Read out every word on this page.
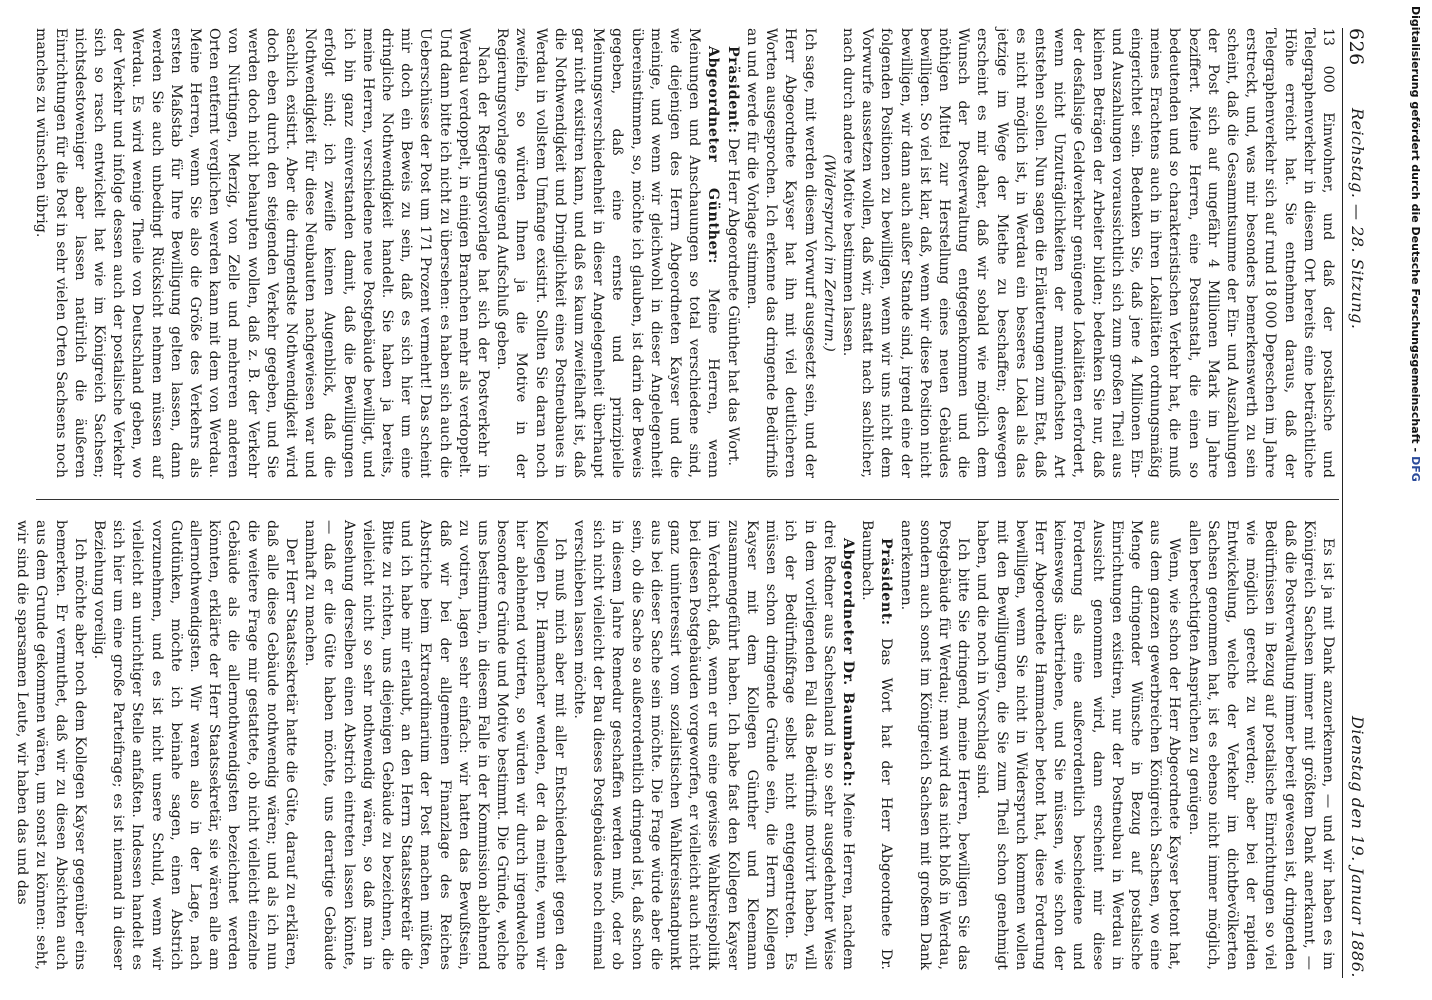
626
Reichstag. — 28. Sitzung.
Dienstag den 19. Januar 1886.

13 000 Einwohner, und daß der postalische und Telegraphenverkehr in diesem Ort bereits eine beträchtliche Höhe erreicht hat. Sie entnehmen daraus, daß der Telegraphenverkehr sich auf rund 18 000 Depeschen im Jahre erstreckt, und, was mir besonders bemerkenswerth zu sein scheint, daß die Gesammtsumme der Ein- und Auszahlungen der Post sich auf ungefähr 4 Millionen Mark im Jahre beziffert. Meine Herren, eine Postanstalt, die einen so bedeutenden und so charakteristischen Verkehr hat, die muß meines Erachtens auch in ihren Lokalitäten ordnungsmäßig eingerichtet sein. Bedenken Sie, daß jene 4 Millionen Ein- und Auszahlungen voraussichtlich sich zum großen Theil aus kleinen Beträgen der Arbeiter bilden; bedenken Sie nur, daß der desfallsige Geldverkehr genügende Lokalitäten erfordert, wenn nicht Unzuträglichkeiten der mannigfachsten Art entstehen sollen. Nun sagen die Erläuterungen zum Etat, daß es nicht möglich ist, in Werdau ein besseres Lokal als das jetzige im Wege der Miethe zu beschaffen; deswegen erscheint es mir daher, daß wir sobald wie möglich dem Wunsch der Postverwaltung entgegenkommen und die nöthigen Mittel zur Herstellung eines neuen Gebäudes bewilligen. So viel ist klar, daß, wenn wir diese Position nicht bewilligen, wir dann auch außer Stande sind, irgend eine der folgenden Positionen zu bewilligen, wenn wir uns nicht dem Vorwurfe aussetzen wollen, daß wir, anstatt nach sachlicher, nach durch andere Motive bestimmen lassen.

(Widerspruch im Zentrum.)

Ich sage, mit werden diesem Vorwurf ausgesetzt sein, und der Herr Abgeordnete Kayser hat ihn mit viel deutlicheren Worten ausgesprochen. Ich erkenne das dringende Bedürfniß an und werde für die Vorlage stimmen.

Präsident: Der Herr Abgeordnete Günther hat das Wort.

Abgeordneter Günther: Meine Herren, wenn Meinungen und Anschauungen so total verschiedene sind, wie diejenigen des Herrn Abgeordneten Kayser und die meinige, und wenn wir gleichwohl in dieser Angelegenheit übereinstimmen, so, möchte ich glauben, ist darin der Beweis gegeben, daß eine ernste und prinzipielle Meinungsverschiedenheit in dieser Angelegenheit überhaupt gar nicht existiren kann, und daß es kaum zweifelhaft ist, daß die Nothwendigkeit und Dringlichkeit eines Postneubaues in Werdau in vollstem Umfange existirt. Sollten Sie daran noch zweifeln, so würden Ihnen ja die Motive in der Regierungsvorlage genügend Aufschluß geben.

Nach der Regierungsvorlage hat sich der Postverkehr in Werdau verdoppelt, in einigen Branchen mehr als verdoppelt. Und dann bitte ich nicht zu übersehen: es haben sich auch die Ueberschüsse der Post um 171 Prozent vermehrt! Das scheint mir doch ein Beweis zu sein, daß es sich hier um eine dringliche Nothwendigkeit handelt. Sie haben ja bereits, meine Herren, verschiedene neue Postgebäude bewilligt, und ich bin ganz einverstanden damit, daß die Bewilligungen erfolgt sind; ich zweifle keinen Augenblick, daß die Nothwendigkeit für diese Neubauten nachgewiesen war und sachlich existirt. Aber die dringendste Nothwendigkeit wird doch eben durch den steigenden Verkehr gegeben, und Sie werden doch nicht behaupten wollen, daß z. B. der Verkehr von Nürtingen, Merzig, von Zelle und mehreren anderen Orten entfernt verglichen werden kann mit dem von Werdau. Meine Herren, wenn Sie also die Größe des Verkehrs als ersten Maßstab für Ihre Bewilligung gelten lassen, dann werden Sie auch unbedingt Rücksicht nehmen müssen auf Werdau. Es wird wenige Theile von Deutschland geben, wo der Verkehr und infolge dessen auch der postalische Verkehr sich so rasch entwickelt hat wie im Königreich Sachsen; nichtsdestoweniger aber lassen natürlich die äußeren Einrichtungen für die Post in sehr vielen Orten Sachsens noch manches zu wünschen übrig.

Es ist ja mit Dank anzuerkennen, — und wir haben es im Königreich Sachsen immer mit größtem Dank anerkannt, — daß die Postverwaltung immer bereit gewesen ist, dringenden Bedürfnissen in Bezug auf postalische Einrichtungen so viel wie möglich gerecht zu werden; aber bei der rapiden Entwickelung, welche der Verkehr im dichtbevölkerten Sachsen genommen hat, ist es ebenso nicht immer möglich, allen berechtigten Ansprüchen zu genügen.

Wenn, wie schon der Herr Abgeordnete Kayser betont hat, aus dem ganzen gewerbreichen Königreich Sachsen, wo eine Menge dringender Wünsche in Bezug auf postalische Einrichtungen existiren, nur der Postneubau in Werdau in Aussicht genommen wird, dann erscheint mir diese Forderung als eine außerordentlich bescheidene und keineswegs übertriebene, und Sie müssen, wie schon der Herr Abgeordnete Hammacher betont hat, diese Forderung bewilligen, wenn Sie nicht in Widerspruch kommen wollen mit den Bewilligungen, die Sie zum Theil schon genehmigt haben, und die noch in Vorschlag sind.

Ich bitte Sie dringend, meine Herren, bewilligen Sie das Postgebäude für Werdau; man wird das nicht bloß in Werdau, sondern auch sonst im Königreich Sachsen mit großem Dank anerkennen.

Präsident: Das Wort hat der Herr Abgeordnete Dr. Baumbach.

Abgeordneter Dr. Baumbach: Meine Herren, nachdem drei Redner aus Sachsenland in so sehr ausgedehnter Weise in dem vorliegenden Fall das Bedürfniß motivirt haben, will ich der Bedürfnißfrage selbst nicht entgegentreten. Es müssen schon dringende Gründe sein, die Herrn Kollegen Kayser mit dem Kollegen Günther und Kleemann zusammengeführt haben. Ich habe fast den Kollegen Kayser im Verdacht, daß, wenn er uns eine gewisse Wahlkreispolitik bei diesen Postgebäuden vorgeworfen, er vielleicht auch nicht ganz uninteressirt vom sozialistischen Wahlkreisstandpunkt aus bei dieser Sache sein möchte. Die Frage würde aber die sein, ob die Sache so außerordentlich dringend ist, daß schon in diesem Jahre Remedur geschaffen werden muß, oder ob sich nicht vielleicht der Bau dieses Postgebäudes noch einmal verschieben lassen möchte.

Ich muß mich aber mit aller Entschiedenheit gegen den Kollegen Dr. Hammacher wenden, der da meinte, wenn wir hier ablehnend votirten, so würden wir durch irgendwelche besondere Gründe und Motive bestimmt. Die Gründe, welche uns bestimmen, in diesem Falle in der Kommission ablehnend zu votiren, lagen sehr einfach: wir hatten das Bewußtsein, daß wir bei der allgemeinen Finanzlage des Reiches Abstriche beim Extraordinarium der Post machen müßten, und ich habe mir erlaubt, an den Herrn Staatssekretär die Bitte zu richten, uns diejenigen Gebäude zu bezeichnen, die vielleicht nicht so sehr nothwendig wären, so daß man in Ansehung derselben einen Abstrich eintreten lassen könnte, — daß er die Güte haben möchte, uns derartige Gebäude namhaft zu machen.

Der Herr Staatssekretär hatte die Güte, darauf zu erklären, daß alle diese Gebäude nothwendig wären; und als ich nun die weitere Frage mir gestattete, ob nicht vielleicht einzelne Gebäude als die allernothwendigsten bezeichnet werden könnten, erklärte der Herr Staatssekretär, sie wären alle am allernothwendigsten. Wir waren also in der Lage, nach Gutdünken, möchte ich beinahe sagen, einen Abstrich vorzunehmen, und es ist nicht unsere Schuld, wenn wir vielleicht an unrichtiger Stelle anfaßten. Indessen handelt es sich hier um eine große Parteifrage; es ist niemand in dieser Beziehung voreilig.

Ich möchte aber noch dem Kollegen Kayser gegenüber eins bemerken. Er vermuthet, daß wir zu diesen Absichten auch aus dem Grunde gekommen wären, um sonst zu können: seht, wir sind die sparsamen Leute, wir haben das und das

Digitalisierung gefördert durch die Deutsche Forschungsgemeinschaft -DFG
